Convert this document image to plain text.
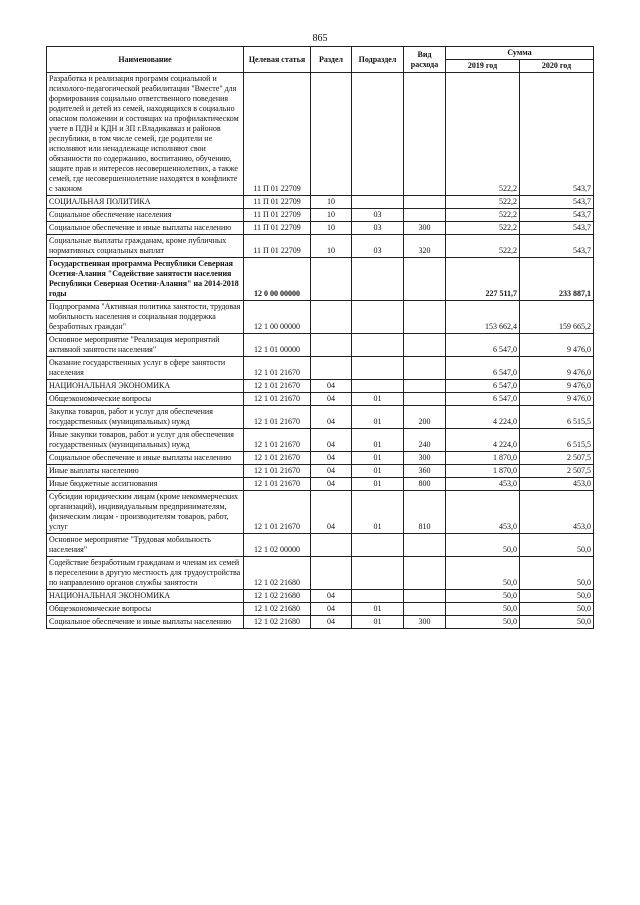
865
Наименование	Целевая статья	Раздел	Подраздел	Вид расхода	Сумма	
					2019 год	2020 год
Разработка и реализация программ социальной и психолого-педагогической реабилитации "Вместе" для формирования социально ответственного поведения родителей и детей из семей, находящихся в социально опасном положении и состоящих на профилактическом учете в ПДН и КДН и ЗП г.Владикавказ и районов республики, в том числе семей, где родители не исполняют или ненадлежаще исполняют свои обязанности по содержанию, воспитанию, обучению, защите прав и интересов несовершеннолетних, а также семей, где несовершеннолетние находятся в конфликте с законом	11 П 01 22709				522,2	543,7
СОЦИАЛЬНАЯ ПОЛИТИКА	11 П 01 22709	10			522,2	543,7
Социальное обеспечение населения	11 П 01 22709	10	03		522,2	543,7
Социальное обеспечение и иные выплаты населению	11 П 01 22709	10	03	300	522,2	543,7
Социальные выплаты гражданам, кроме публичных нормативных социальных выплат	11 П 01 22709	10	03	320	522,2	543,7
Государственная программа Республики Северная Осетия-Алания "Содействие занятости населения Республики Северная Осетия-Алания" на 2014-2018 годы	12 0 00 00000				227 511,7	233 887,1
Подпрограмма "Активная политика занятости, трудовая мобильность населения и социальная поддержка безработных граждан"	12 1 00 00000				153 662,4	159 665,2
Основное мероприятие "Реализация мероприятий активной занятости населения"	12 1 01 00000				6 547,0	9 476,0
Оказание государственных услуг в сфере занятости населения	12 1 01 21670				6 547,0	9 476,0
НАЦИОНАЛЬНАЯ ЭКОНОМИКА	12 1 01 21670	04			6 547,0	9 476,0
Общеэкономические вопросы	12 1 01 21670	04	01		6 547,0	9 476,0
Закупка товаров, работ и услуг для обеспечения государственных (муниципальных) нужд	12 1 01 21670	04	01	200	4 224,0	6 515,5
Иные закупки товаров, работ и услуг для обеспечения государственных (муниципальных) нужд	12 1 01 21670	04	01	240	4 224,0	6 515,5
Социальное обеспечение и иные выплаты населению	12 1 01 21670	04	01	300	1 870,0	2 507,5
Иные выплаты населению	12 1 01 21670	04	01	360	1 870,0	2 507,5
Иные бюджетные ассигнования	12 1 01 21670	04	01	800	453,0	453,0
Субсидии юридическим лицам (кроме некоммерческих организаций), индивидуальным предпринимателям, физическим лицам - производителям товаров, работ, услуг	12 1 01 21670	04	01	810	453,0	453,0
Основное мероприятие "Трудовая мобильность населения"	12 1 02 00000				50,0	50,0
Содействие безработным гражданам и членам их семей в переселении в другую местность для трудоустройства по направлению органов службы занятости	12 1 02 21680				50,0	50,0
НАЦИОНАЛЬНАЯ ЭКОНОМИКА	12 1 02 21680	04			50,0	50,0
Общеэкономические вопросы	12 1 02 21680	04	01		50,0	50,0
Социальное обеспечение и иные выплаты населению	12 1 02 21680	04	01	300	50,0	50,0
